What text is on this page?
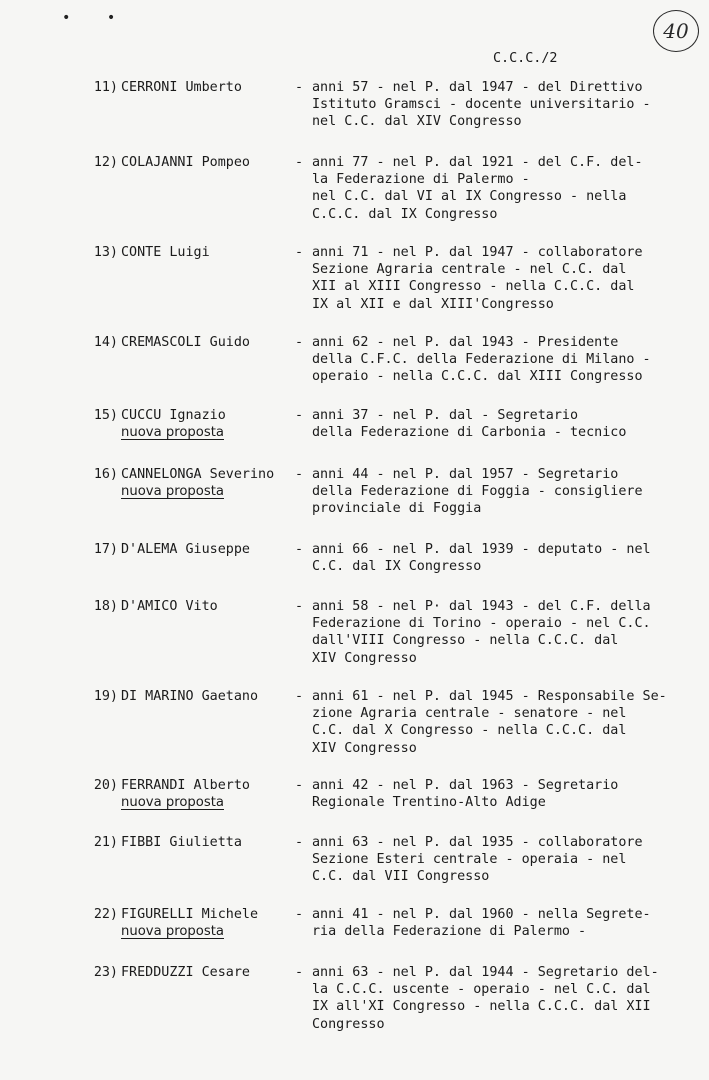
• •
40
C.C.C./2
11) CERRONI Umberto	- anni 57 - nel P. dal 1947 - del Direttivo
Istituto Gramsci - docente universitario -
nel C.C. dal XIV Congresso
12) COLAJANNI Pompeo	- anni 77 - nel P. dal 1921 - del C.F. del-
la Federazione di Palermo -
nel C.C. dal VI al IX Congresso - nella
C.C.C. dal IX Congresso
13) CONTE Luigi	- anni 71 - nel P. dal 1947 - collaboratore
Sezione Agraria centrale - nel C.C. dal
XII al XIII Congresso - nella C.C.C. dal
IX al XII e dal XIII'Congresso
14) CREMASCOLI Guido	- anni 62 - nel P. dal 1943 - Presidente
della C.F.C. della Federazione di Milano -
operaio - nella C.C.C. dal XIII Congresso
15) CUCCU Ignazio
nuova proposta
- anni 37 - nel P. dal - Segretario
della Federazione di Carbonia - tecnico
16) CANNELONGA Severino
nuova proposta
- anni 44 - nel P. dal 1957 - Segretario
della Federazione di Foggia - consigliere
provinciale di Foggia
17) D'ALEMA Giuseppe	- anni 66 - nel P. dal 1939 - deputato - nel
C.C. dal IX Congresso
18) D'AMICO Vito	- anni 58 - nel P· dal 1943 - del C.F. della
Federazione di Torino - operaio - nel C.C.
dall'VIII Congresso - nella C.C.C. dal
XIV Congresso
19) DI MARINO Gaetano	- anni 61 - nel P. dal 1945 - Responsabile Se-
zione Agraria centrale - senatore - nel
C.C. dal X Congresso - nella C.C.C. dal
XIV Congresso
20) FERRANDI Alberto
nuova proposta
- anni 42 - nel P. dal 1963 - Segretario
Regionale Trentino-Alto Adige
21) FIBBI Giulietta	- anni 63 - nel P. dal 1935 - collaboratore
Sezione Esteri centrale - operaia - nel
C.C. dal VII Congresso
22) FIGURELLI Michele
nuova proposta
- anni 41 - nel P. dal 1960 - nella Segrete-
ria della Federazione di Palermo -
23) FREDDUZZI Cesare	- anni 63 - nel P. dal 1944 - Segretario del-
la C.C.C. uscente - operaio - nel C.C. dal
IX all'XI Congresso - nella C.C.C. dal XII
Congresso
